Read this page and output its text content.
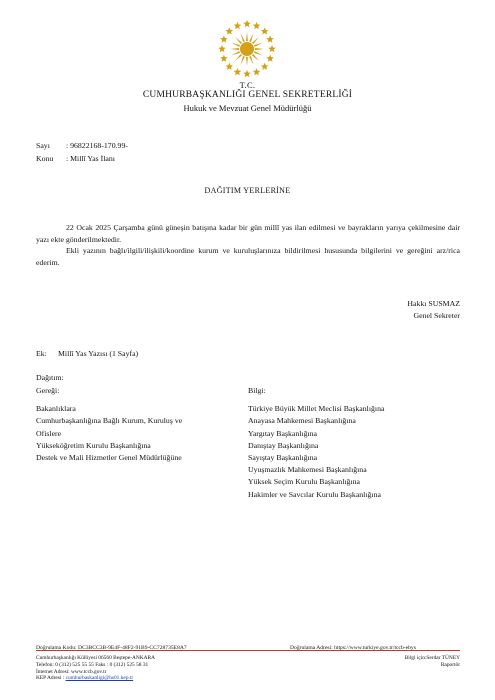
T.C.
CUMHURBAŞKANLIĞI GENEL SEKRETERLİĞİ
Hukuk ve Mevzuat Genel Müdürlüğü
Sayı : 96822168-170.99-
Konu : Millî Yas İlanı
DAĞITIM YERLERİNE
22 Ocak 2025 Çarşamba günü güneşin batışına kadar bir gün millî yas ilan edilmesi ve bayrakların yarıya çekilmesine dair yazı ekte gönderilmektedir.
Ekli yazının bağlı/ilgili/ilişkili/koordine kurum ve kuruluşlarınıza bildirilmesi hususunda bilgilerini ve gereğini arz/rica ederim.
Hakkı SUSMAZ
Genel Sekreter
Ek: Millî Yas Yazısı (1 Sayfa)
Dağıtım:
Gereği:
Bakanlıklara
Cumhurbaşkanlığına Bağlı Kurum, Kuruluş ve
Ofislere
Yükseköğretim Kurulu Başkanlığına
Destek ve Mali Hizmetler Genel Müdürlüğüne
Bilgi:
Türkiye Büyük Millet Meclisi Başkanlığına
Anayasa Mahkemesi Başkanlığına
Yargıtay Başkanlığına
Danıştay Başkanlığına
Sayıştay Başkanlığına
Uyuşmazlık Mahkemesi Başkanlığına
Yüksek Seçim Kurulu Başkanlığına
Hakimler ve Savcılar Kurulu Başkanlığına
Doğrulama Kodu: DC3BCC3B-9E4F-48F2-91B9-CC728735E8A7	Doğrulama Adresi: https://www.turkiye.gov.tr/tccb-ebys
Cumhurbaşkanlığı Külliyesi 06560 Beştepe-ANKARA
Telefon: 0 (312) 525 55 55 Faks : 0 (312) 525 58 31
İnternet Adresi: www.tccb.gov.tr
KEP Adresi : cumhurbaskanligi@hs01.kep.tr
Bilgi için:Serdar TÜNEY
Raportör
